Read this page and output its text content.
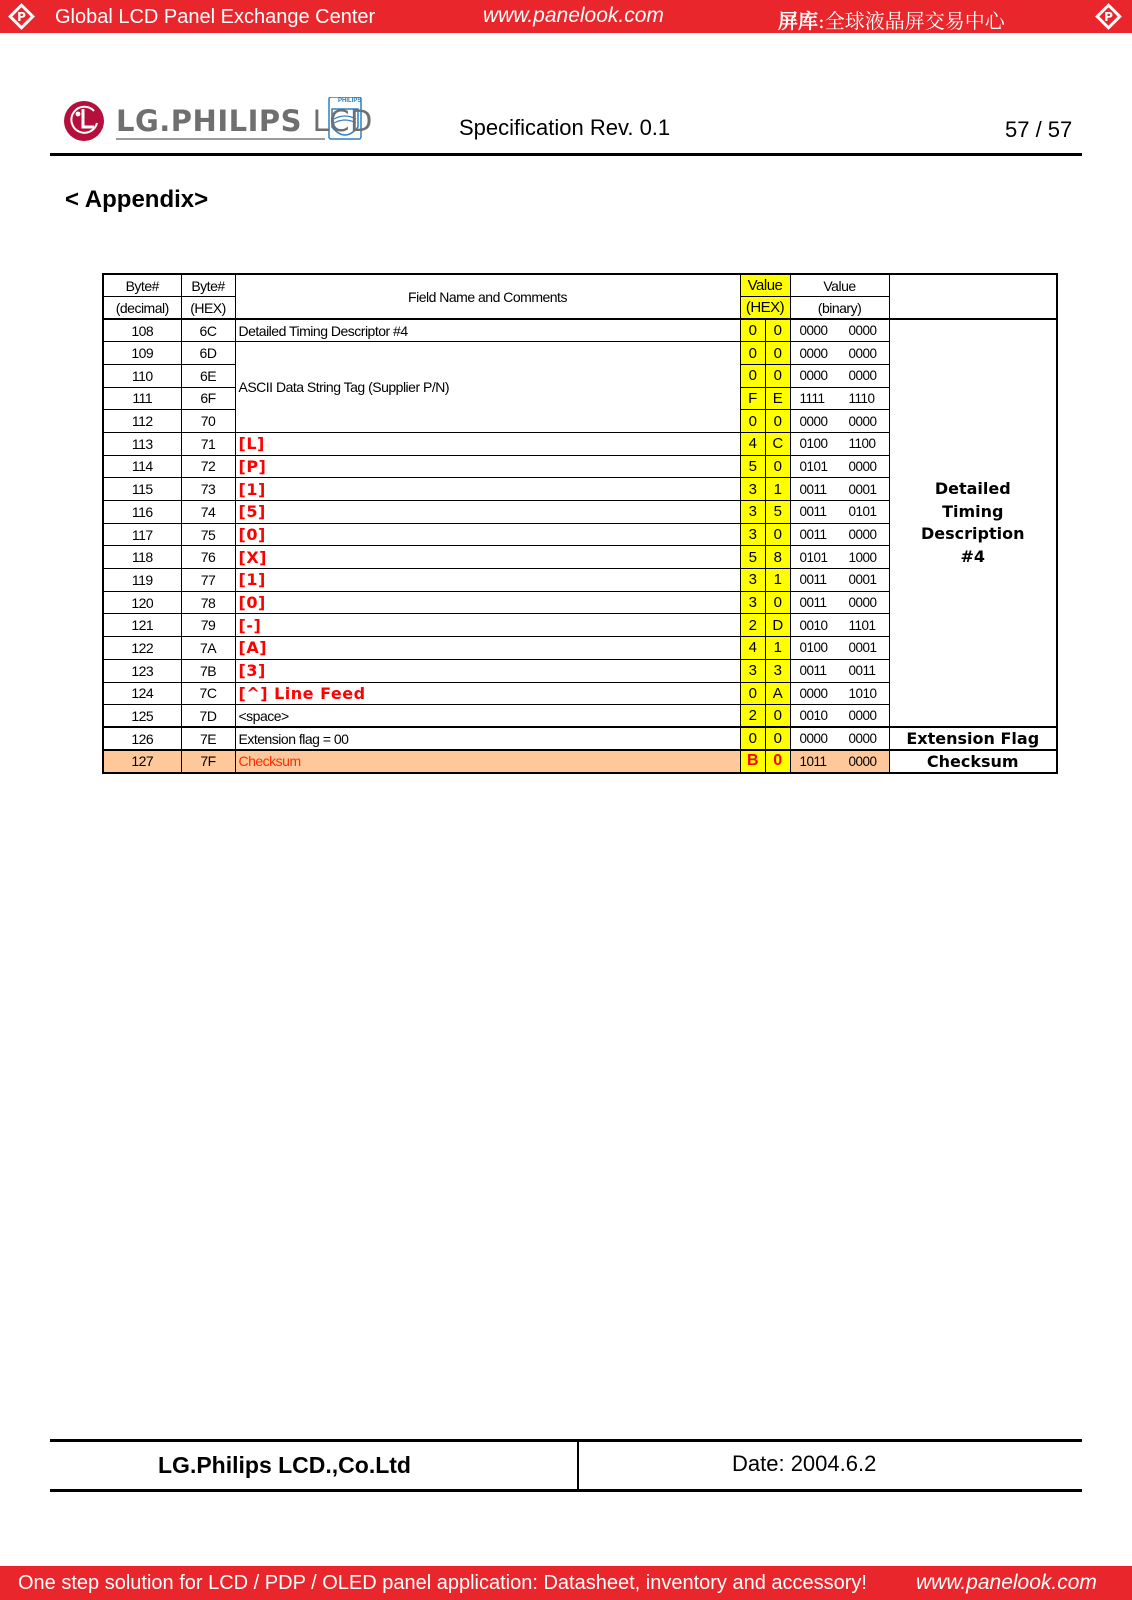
P Global LCD Panel Exchange Center	www.panelook.com	屏库:全球液晶屏交易中心	P
LG.PHILIPS LCD
PHILIPS
Specification Rev. 0.1	57 / 57
< Appendix>
Byte#	Byte#	Field Name and Comments	Value		Value	
(decimal)	(HEX)		(HEX)		(binary)	
108	6C	Detailed Timing Descriptor #4	0	0	0000 0000	Detailed
Timing
Description
#4

109	6D	ASCII Data String Tag (Supplier P/N)	0	0	0000 0000	
110	6E		0	0	0000 0000	
111	6F		F	E	1111 1110	
112	70		0	0	0000 0000	
113	71	[L]	4	C	0100 1100	
114	72	[P]	5	0	0101 0000	
115	73	[1]	3	1	0011 0001	
116	74	[5]	3	5	0011 0101	
117	75	[0]	3	0	0011 0000	
118	76	[X]	5	8	0101 1000	
119	77	[1]	3	1	0011 0001	
120	78	[0]	3	0	0011 0000	
121	79	[-]	2	D	0010 1101	
122	7A	[A]	4	1	0100 0001	
123	7B	[3]	3	3	0011 0011	
124	7C	[^] Line Feed	0	A	0000 1010	
125	7D	<space>	2	0	0010 0000	
126	7E	Extension flag = 00	0	0	0000 0000	Extension Flag
127	7F	Checksum	B	0	1011 0000	Checksum
LG.Philips LCD.,Co.Ltd	Date: 2004.6.2
One step solution for LCD / PDP / OLED panel application: Datasheet, inventory and accessory! www.panelook.com
